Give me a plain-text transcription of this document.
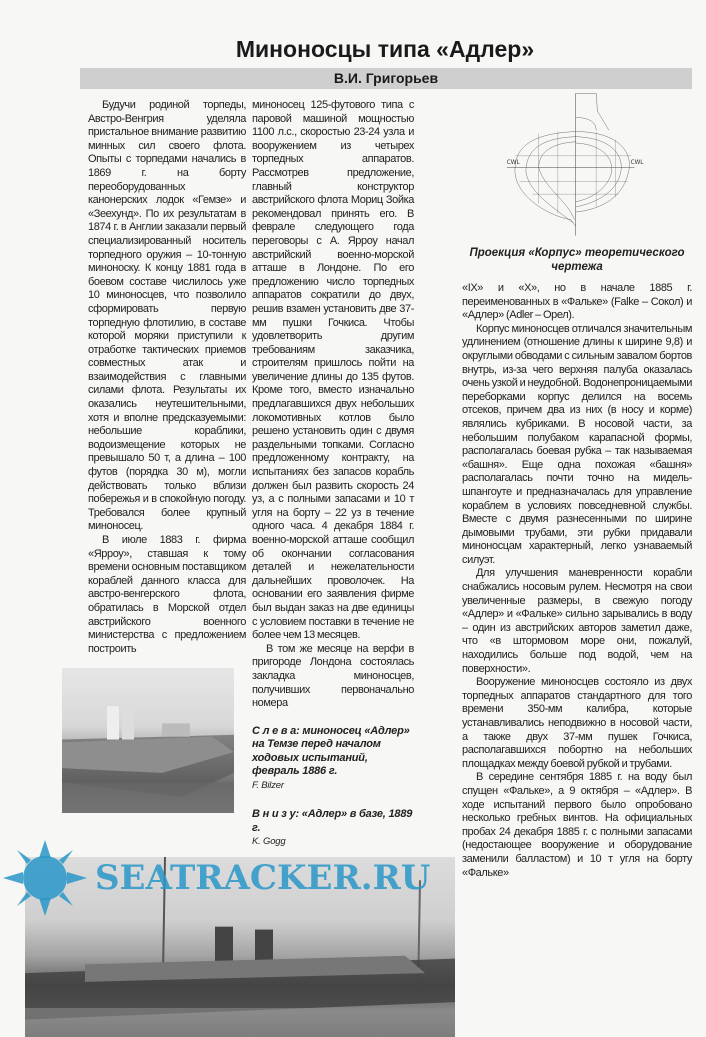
Миноносцы типа «Адлер»
В.И. Григорьев

Будучи родиной торпеды, Австро-Венгрия уделяла пристальное внимание развитию минных сил своего флота. Опыты с торпедами начались в 1869 г. на борту переоборудованных канонерских лодок «Гемзе» и «Зеехунд». По их результатам в 1874 г. в Англии заказали первый специализированный носитель торпедного оружия – 10-тонную миноноску. К концу 1881 года в боевом составе числилось уже 10 миноносцев, что позволило сформировать первую торпедную флотилию, в составе которой моряки приступили к отработке тактических приемов совместных атак и взаимодействия с главными силами флота. Результаты их оказались неутешительными, хотя и вполне предсказуемыми: небольшие кораблики, водоизмещение которых не превышало 50 т, а длина – 100 футов (порядка 30 м), могли действовать только вблизи побережья и в спокойную погоду. Требовался более крупный миноносец.

В июле 1883 г. фирма «Ярроу», ставшая к тому времени основным поставщиком кораблей данного класса для австро-венгерского флота, обратилась в Морской отдел австрийского военного министерства с предложением построить

миноносец 125-футового типа с паровой машиной мощностью 1100 л.с., скоростью 23-24 узла и вооружением из четырех торпедных аппаратов. Рассмотрев предложение, главный конструктор австрийского флота Мориц Зойка рекомендовал принять его. В феврале следующего года переговоры с А. Ярроу начал австрийский военно-морской атташе в Лондоне. По его предложению число торпедных аппаратов сократили до двух, решив взамен установить две 37-мм пушки Гочкиса. Чтобы удовлетворить другим требованиям заказчика, строителям пришлось пойти на увеличение длины до 135 футов. Кроме того, вместо изначально предлагавшихся двух небольших локомотивных котлов было решено установить один с двумя раздельными топками. Согласно предложенному контракту, на испытаниях без запасов корабль должен был развить скорость 24 уз, а с полными запасами и 10 т угля на борту – 22 уз в течение одного часа. 4 декабря 1884 г. военно-морской атташе сообщил об окончании согласования деталей и нежелательности дальнейших проволочек. На основании его заявления фирме был выдан заказ на две единицы с условием поставки в течение не более чем 13 месяцев.

В том же месяце на верфи в пригороде Лондона состоялась закладка миноносцев, получивших первоначально номера

С л е в а: миноносец «Адлер» на Темзе перед началом ходовых испытаний, февраль 1886 г.
F. Bilzer
В н и з у: «Адлер» в базе, 1889 г.
K. Gogg
CWL	CWL
Проекция «Корпус» теоретического чертежа

«IX» и «X», но в начале 1885 г. переименованных в «Фальке» (Falke – Сокол) и «Адлер» (Adler – Орел).

Корпус миноносцев отличался значительным удлинением (отношение длины к ширине 9,8) и округлыми обводами с сильным завалом бортов внутрь, из-за чего верхняя палуба оказалась очень узкой и неудобной. Водонепроницаемыми переборками корпус делился на восемь отсеков, причем два из них (в носу и корме) являлись кубриками. В носовой части, за небольшим полубаком карапасной формы, располагалась боевая рубка – так называемая «башня». Еще одна похожая «башня» располагалась почти точно на мидель-шпангоуте и предназначалась для управление кораблем в условиях повседневной службы. Вместе с двумя разнесенными по ширине дымовыми трубами, эти рубки придавали миноносцам характерный, легко узнаваемый силуэт.

Для улучшения маневренности корабли снабжались носовым рулем. Несмотря на свои увеличенные размеры, в свежую погоду «Адлер» и «Фальке» сильно зарывались в воду – один из австрийских авторов заметил даже, что «в штормовом море они, пожалуй, находились больше под водой, чем на поверхности».

Вооружение миноносцев состояло из двух торпедных аппаратов стандартного для того времени 350-мм калибра, которые устанавливались неподвижно в носовой части, а также двух 37-мм пушек Гочкиса, располагавшихся побортно на небольших площадках между боевой рубкой и трубами.

В середине сентября 1885 г. на воду был спущен «Фальке», а 9 октября – «Адлер». В ходе испытаний первого было опробовано несколько гребных винтов. На официальных пробах 24 декабря 1885 г. с полными запасами (недостающее вооружение и оборудование заменили балластом) и 10 т угля на борту «Фальке»

SEATRACKER.RU
